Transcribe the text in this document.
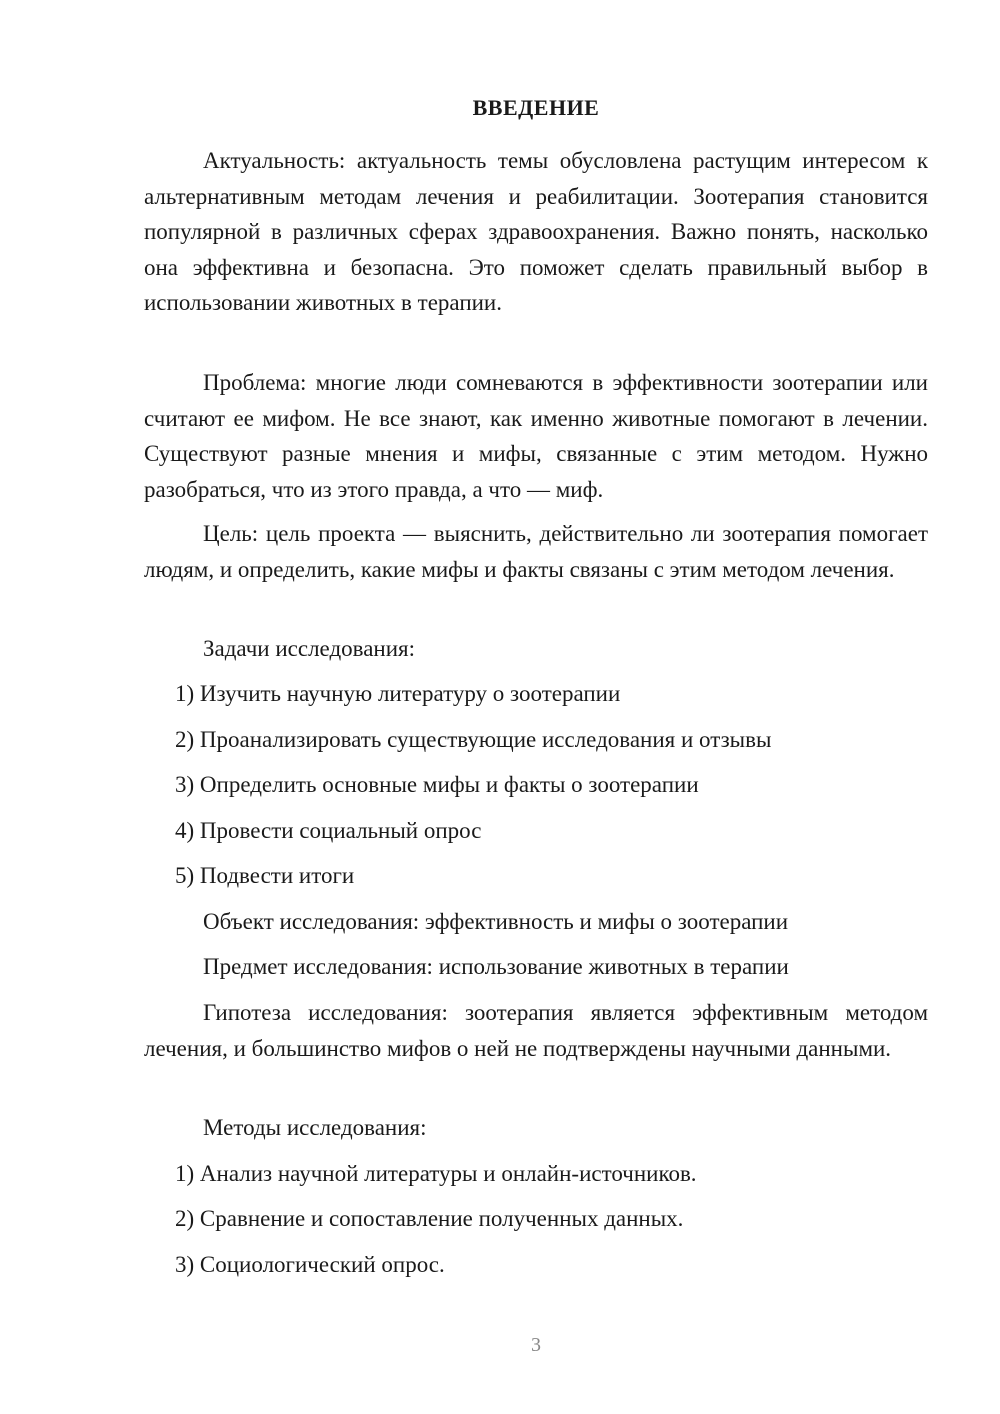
ВВЕДЕНИЕ

Актуальность: актуальность темы обусловлена растущим интересом к альтернативным методам лечения и реабилитации. Зоотерапия становится популярной в различных сферах здравоохранения. Важно понять, насколько она эффективна и безопасна. Это поможет сделать правильный выбор в использовании животных в терапии.

Проблема: многие люди сомневаются в эффективности зоотерапии или считают ее мифом. Не все знают, как именно животные помогают в лечении. Существуют разные мнения и мифы, связанные с этим методом. Нужно разобраться, что из этого правда, а что — миф.

Цель: цель проекта — выяснить, действительно ли зоотерапия помогает людям, и определить, какие мифы и факты связаны с этим методом лечения.

Задачи исследования:

1) Изучить научную литературу о зоотерапии

2) Проанализировать существующие исследования и отзывы

3) Определить основные мифы и факты о зоотерапии

4) Провести социальный опрос

5) Подвести итоги

Объект исследования: эффективность и мифы о зоотерапии

Предмет исследования: использование животных в терапии

Гипотеза исследования: зоотерапия является эффективным методом лечения, и большинство мифов о ней не подтверждены научными данными.

Методы исследования:

1) Анализ научной литературы и онлайн-источников.

2) Сравнение и сопоставление полученных данных.

3) Социологический опрос.

3
